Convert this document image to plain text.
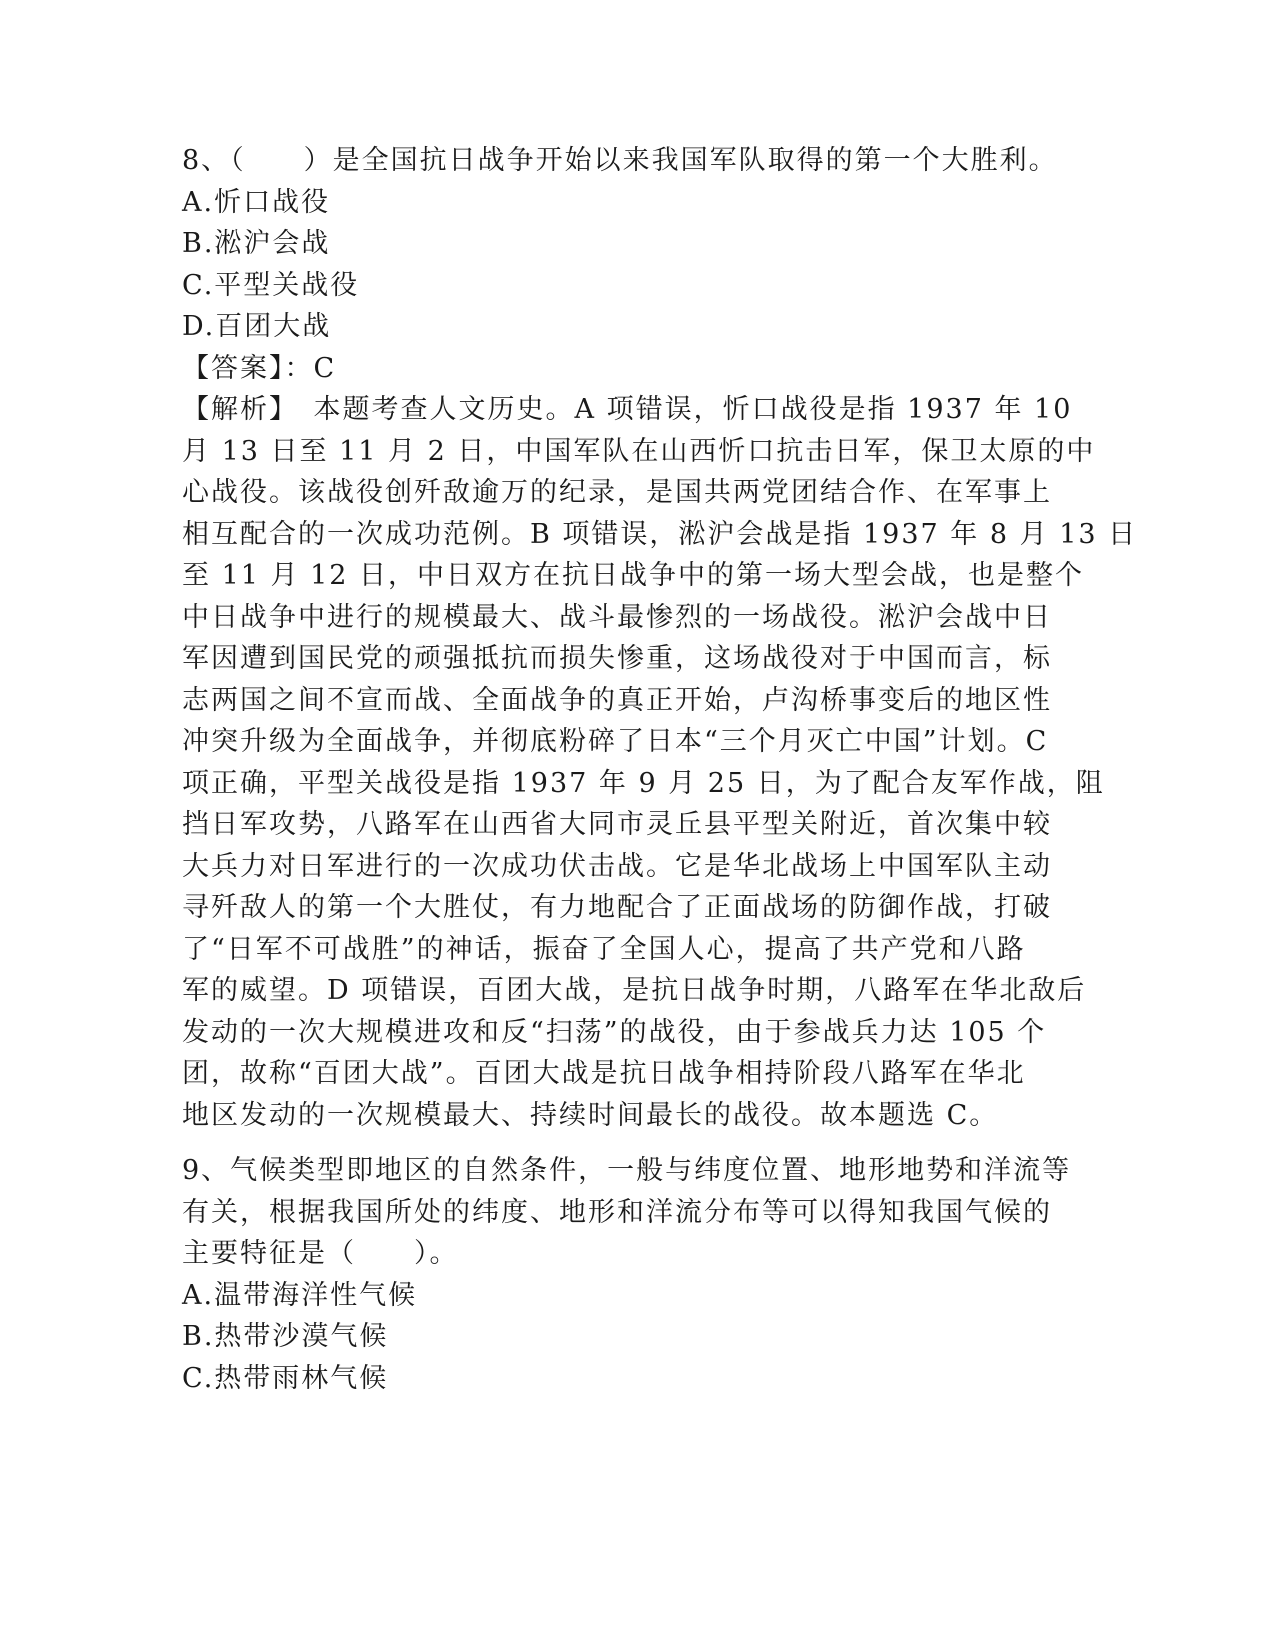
8、（　　）是全国抗日战争开始以来我国军队取得的第一个大胜利。
A.忻口战役
B.淞沪会战
C.平型关战役
D.百团大战
【答案】：C
【解析】　本题考查人文历史。A 项错误，忻口战役是指 1937 年 10
月 13 日至 11 月 2 日，中国军队在山西忻口抗击日军，保卫太原的中
心战役。该战役创歼敌逾万的纪录，是国共两党团结合作、在军事上
相互配合的一次成功范例。B 项错误，淞沪会战是指 1937 年 8 月 13 日
至 11 月 12 日，中日双方在抗日战争中的第一场大型会战，也是整个
中日战争中进行的规模最大、战斗最惨烈的一场战役。淞沪会战中日
军因遭到国民党的顽强抵抗而损失惨重，这场战役对于中国而言，标
志两国之间不宣而战、全面战争的真正开始，卢沟桥事变后的地区性
冲突升级为全面战争，并彻底粉碎了日本“三个月灭亡中国”计划。C
项正确，平型关战役是指 1937 年 9 月 25 日，为了配合友军作战，阻
挡日军攻势，八路军在山西省大同市灵丘县平型关附近，首次集中较
大兵力对日军进行的一次成功伏击战。它是华北战场上中国军队主动
寻歼敌人的第一个大胜仗，有力地配合了正面战场的防御作战，打破
了“日军不可战胜”的神话，振奋了全国人心，提高了共产党和八路
军的威望。D 项错误，百团大战，是抗日战争时期，八路军在华北敌后
发动的一次大规模进攻和反“扫荡”的战役，由于参战兵力达 105 个
团，故称“百团大战”。百团大战是抗日战争相持阶段八路军在华北
地区发动的一次规模最大、持续时间最长的战役。故本题选 C。
9、气候类型即地区的自然条件，一般与纬度位置、地形地势和洋流等
有关，根据我国所处的纬度、地形和洋流分布等可以得知我国气候的
主要特征是（　　）。
A.温带海洋性气候
B.热带沙漠气候
C.热带雨林气候
